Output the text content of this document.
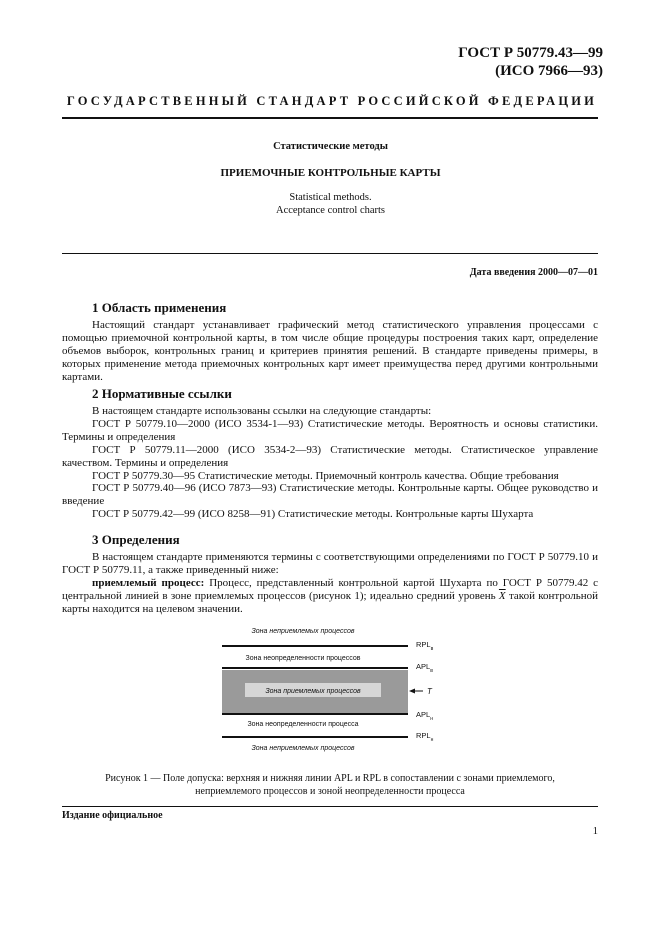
ГОСТ Р 50779.43—99
(ИСО 7966—93)
ГОСУДАРСТВЕННЫЙ СТАНДАРТ РОССИЙСКОЙ ФЕДЕРАЦИИ
Статистические методы
ПРИЕМОЧНЫЕ КОНТРОЛЬНЫЕ КАРТЫ
Statistical methods.
Acceptance control charts
Дата введения 2000—07—01
1 Область применения

Настоящий стандарт устанавливает графический метод статистического управления процессами с помощью приемочной контрольной карты, в том числе общие процедуры построения таких карт, определение объемов выборок, контрольных границ и критериев принятия решений. В стандарте приведены примеры, в которых применение метода приемочных контрольных карт имеет преимущества перед другими контрольными картами.

2 Нормативные ссылки

В настоящем стандарте использованы ссылки на следующие стандарты:

ГОСТ Р 50779.10—2000 (ИСО 3534-1—93) Статистические методы. Вероятность и основы статистики. Термины и определения

ГОСТ Р 50779.11—2000 (ИСО 3534-2—93) Статистические методы. Статистическое управление качеством. Термины и определения

ГОСТ Р 50779.30—95 Статистические методы. Приемочный контроль качества. Общие требования

ГОСТ Р 50779.40—96 (ИСО 7873—93) Статистические методы. Контрольные карты. Общее руководство и введение

ГОСТ Р 50779.42—99 (ИСО 8258—91) Статистические методы. Контрольные карты Шухарта

3 Определения

В настоящем стандарте применяются термины с соответствующими определениями по ГОСТ Р 50779.10 и ГОСТ Р 50779.11, а также приведенный ниже:

приемлемый процесс: Процесс, представленный контрольной картой Шухарта по ГОСТ Р 50779.42 с центральной линией в зоне приемлемых процессов (рисунок 1); идеально средний уровень $\overline{X}$ такой контрольной карты находится на целевом значении.

Зона неприемлемых процессов
$RPL_в$
Зона неопределенности процессов
$APL_в$
Зона приемлемых процессов	T
$APL_н$
Зона неопределенности процесса
$RPL_н$
Зона неприемлемых процессов
Рисунок 1 — Поле допуска: верхняя и нижняя линии APL и RPL в сопоставлении с зонами приемлемого,
неприемлемого процессов и зоной неопределенности процесса
Издание официальное
1
